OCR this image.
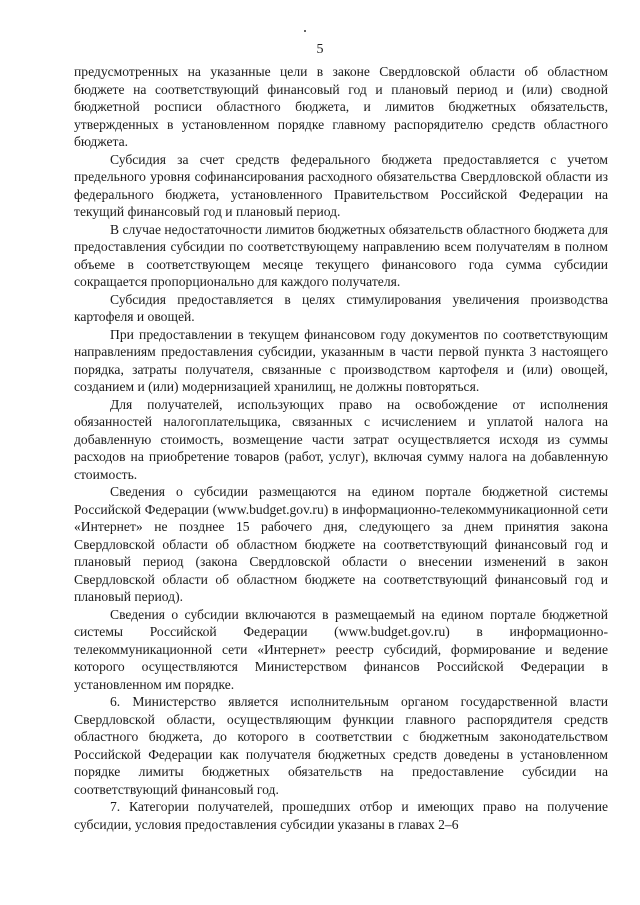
5

предусмотренных на указанные цели в законе Свердловской области об областном бюджете на соответствующий финансовый год и плановый период и (или) сводной бюджетной росписи областного бюджета, и лимитов бюджетных обязательств, утвержденных в установленном порядке главному распорядителю средств областного бюджета.

Субсидия за счет средств федерального бюджета предоставляется с учетом предельного уровня софинансирования расходного обязательства Свердловской области из федерального бюджета, установленного Правительством Российской Федерации на текущий финансовый год и плановый период.

В случае недостаточности лимитов бюджетных обязательств областного бюджета для предоставления субсидии по соответствующему направлению всем получателям в полном объеме в соответствующем месяце текущего финансового года сумма субсидии сокращается пропорционально для каждого получателя.

Субсидия предоставляется в целях стимулирования увеличения производства картофеля и овощей.

При предоставлении в текущем финансовом году документов по соответствующим направлениям предоставления субсидии, указанным в части первой пункта 3 настоящего порядка, затраты получателя, связанные с производством картофеля и (или) овощей, созданием и (или) модернизацией хранилищ, не должны повторяться.

Для получателей, использующих право на освобождение от исполнения обязанностей налогоплательщика, связанных с исчислением и уплатой налога на добавленную стоимость, возмещение части затрат осуществляется исходя из суммы расходов на приобретение товаров (работ, услуг), включая сумму налога на добавленную стоимость.

Сведения о субсидии размещаются на едином портале бюджетной системы Российской Федерации (www.budget.gov.ru) в информационно-телекоммуникационной сети «Интернет» не позднее 15 рабочего дня, следующего за днем принятия закона Свердловской области об областном бюджете на соответствующий финансовый год и плановый период (закона Свердловской области о внесении изменений в закон Свердловской области об областном бюджете на соответствующий финансовый год и плановый период).

Сведения о субсидии включаются в размещаемый на едином портале бюджетной системы Российской Федерации (www.budget.gov.ru) в информационно-телекоммуникационной сети «Интернет» реестр субсидий, формирование и ведение которого осуществляются Министерством финансов Российской Федерации в установленном им порядке.

6. Министерство является исполнительным органом государственной власти Свердловской области, осуществляющим функции главного распорядителя средств областного бюджета, до которого в соответствии с бюджетным законодательством Российской Федерации как получателя бюджетных средств доведены в установленном порядке лимиты бюджетных обязательств на предоставление субсидии на соответствующий финансовый год.

7. Категории получателей, прошедших отбор и имеющих право на получение субсидии, условия предоставления субсидии указаны в главах 2–6
